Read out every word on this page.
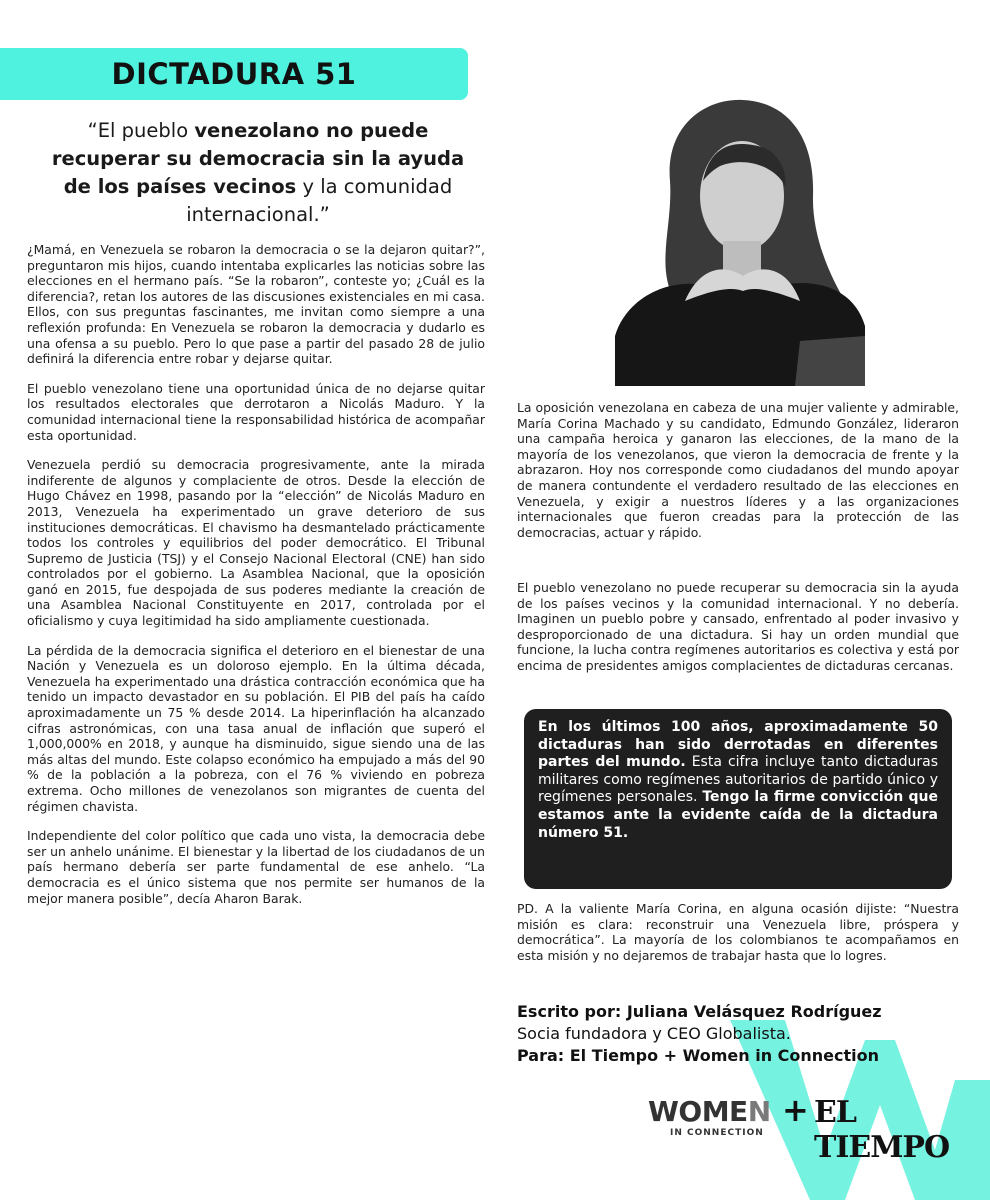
DICTADURA 51
“El pueblo venezolano no puede recuperar su democracia sin la ayuda de los países vecinos y la comunidad internacional.”

¿Mamá, en Venezuela se robaron la democracia o se la dejaron quitar?”, preguntaron mis hijos, cuando intentaba explicarles las noticias sobre las elecciones en el hermano país. “Se la robaron”, conteste yo; ¿Cuál es la diferencia?, retan los autores de las discusiones existenciales en mi casa. Ellos, con sus preguntas fascinantes, me invitan como siempre a una reflexión profunda: En Venezuela se robaron la democracia y dudarlo es una ofensa a su pueblo. Pero lo que pase a partir del pasado 28 de julio definirá la diferencia entre robar y dejarse quitar.

El pueblo venezolano tiene una oportunidad única de no dejarse quitar los resultados electorales que derrotaron a Nicolás Maduro. Y la comunidad internacional tiene la responsabilidad histórica de acompañar esta oportunidad.

Venezuela perdió su democracia progresivamente, ante la mirada indiferente de algunos y complaciente de otros. Desde la elección de Hugo Chávez en 1998, pasando por la “elección” de Nicolás Maduro en 2013, Venezuela ha experimentado un grave deterioro de sus instituciones democráticas. El chavismo ha desmantelado prácticamente todos los controles y equilibrios del poder democrático. El Tribunal Supremo de Justicia (TSJ) y el Consejo Nacional Electoral (CNE) han sido controlados por el gobierno. La Asamblea Nacional, que la oposición ganó en 2015, fue despojada de sus poderes mediante la creación de una Asamblea Nacional Constituyente en 2017, controlada por el oficialismo y cuya legitimidad ha sido ampliamente cuestionada.

La pérdida de la democracia significa el deterioro en el bienestar de una Nación y Venezuela es un doloroso ejemplo. En la última década, Venezuela ha experimentado una drástica contracción económica que ha tenido un impacto devastador en su población. El PIB del país ha caído aproximadamente un 75 % desde 2014. La hiperinflación ha alcanzado cifras astronómicas, con una tasa anual de inflación que superó el 1,000,000% en 2018, y aunque ha disminuido, sigue siendo una de las más altas del mundo. Este colapso económico ha empujado a más del 90 % de la población a la pobreza, con el 76 % viviendo en pobreza extrema. Ocho millones de venezolanos son migrantes de cuenta del régimen chavista.

Independiente del color político que cada uno vista, la democracia debe ser un anhelo unánime. El bienestar y la libertad de los ciudadanos de un país hermano debería ser parte fundamental de ese anhelo. “La democracia es el único sistema que nos permite ser humanos de la mejor manera posible”, decía Aharon Barak.

La oposición venezolana en cabeza de una mujer valiente y admirable, María Corina Machado y su candidato, Edmundo González, lideraron una campaña heroica y ganaron las elecciones, de la mano de la mayoría de los venezolanos, que vieron la democracia de frente y la abrazaron. Hoy nos corresponde como ciudadanos del mundo apoyar de manera contundente el verdadero resultado de las elecciones en Venezuela, y exigir a nuestros líderes y a las organizaciones internacionales que fueron creadas para la protección de las democracias, actuar y rápido.

El pueblo venezolano no puede recuperar su democracia sin la ayuda de los países vecinos y la comunidad internacional. Y no debería. Imaginen un pueblo pobre y cansado, enfrentado al poder invasivo y desproporcionado de una dictadura. Si hay un orden mundial que funcione, la lucha contra regímenes autoritarios es colectiva y está por encima de presidentes amigos complacientes de dictaduras cercanas.

En los últimos 100 años, aproximadamente 50 dictaduras han sido derrotadas en diferentes partes del mundo. Esta cifra incluye tanto dictaduras militares como regímenes autoritarios de partido único y regímenes personales. Tengo la firme convicción que estamos ante la evidente caída de la dictadura número 51.

PD. A la valiente María Corina, en alguna ocasión dijiste: “Nuestra misión es clara: reconstruir una Venezuela libre, próspera y democrática”. La mayoría de los colombianos te acompañamos en esta misión y no dejaremos de trabajar hasta que lo logres.

Escrito por: Juliana Velásquez Rodríguez
Socia fundadora y CEO Globalista.
Para: El Tiempo + Women in Connection
WOMEN
IN CONNECTION
+ EL TIEMPO
